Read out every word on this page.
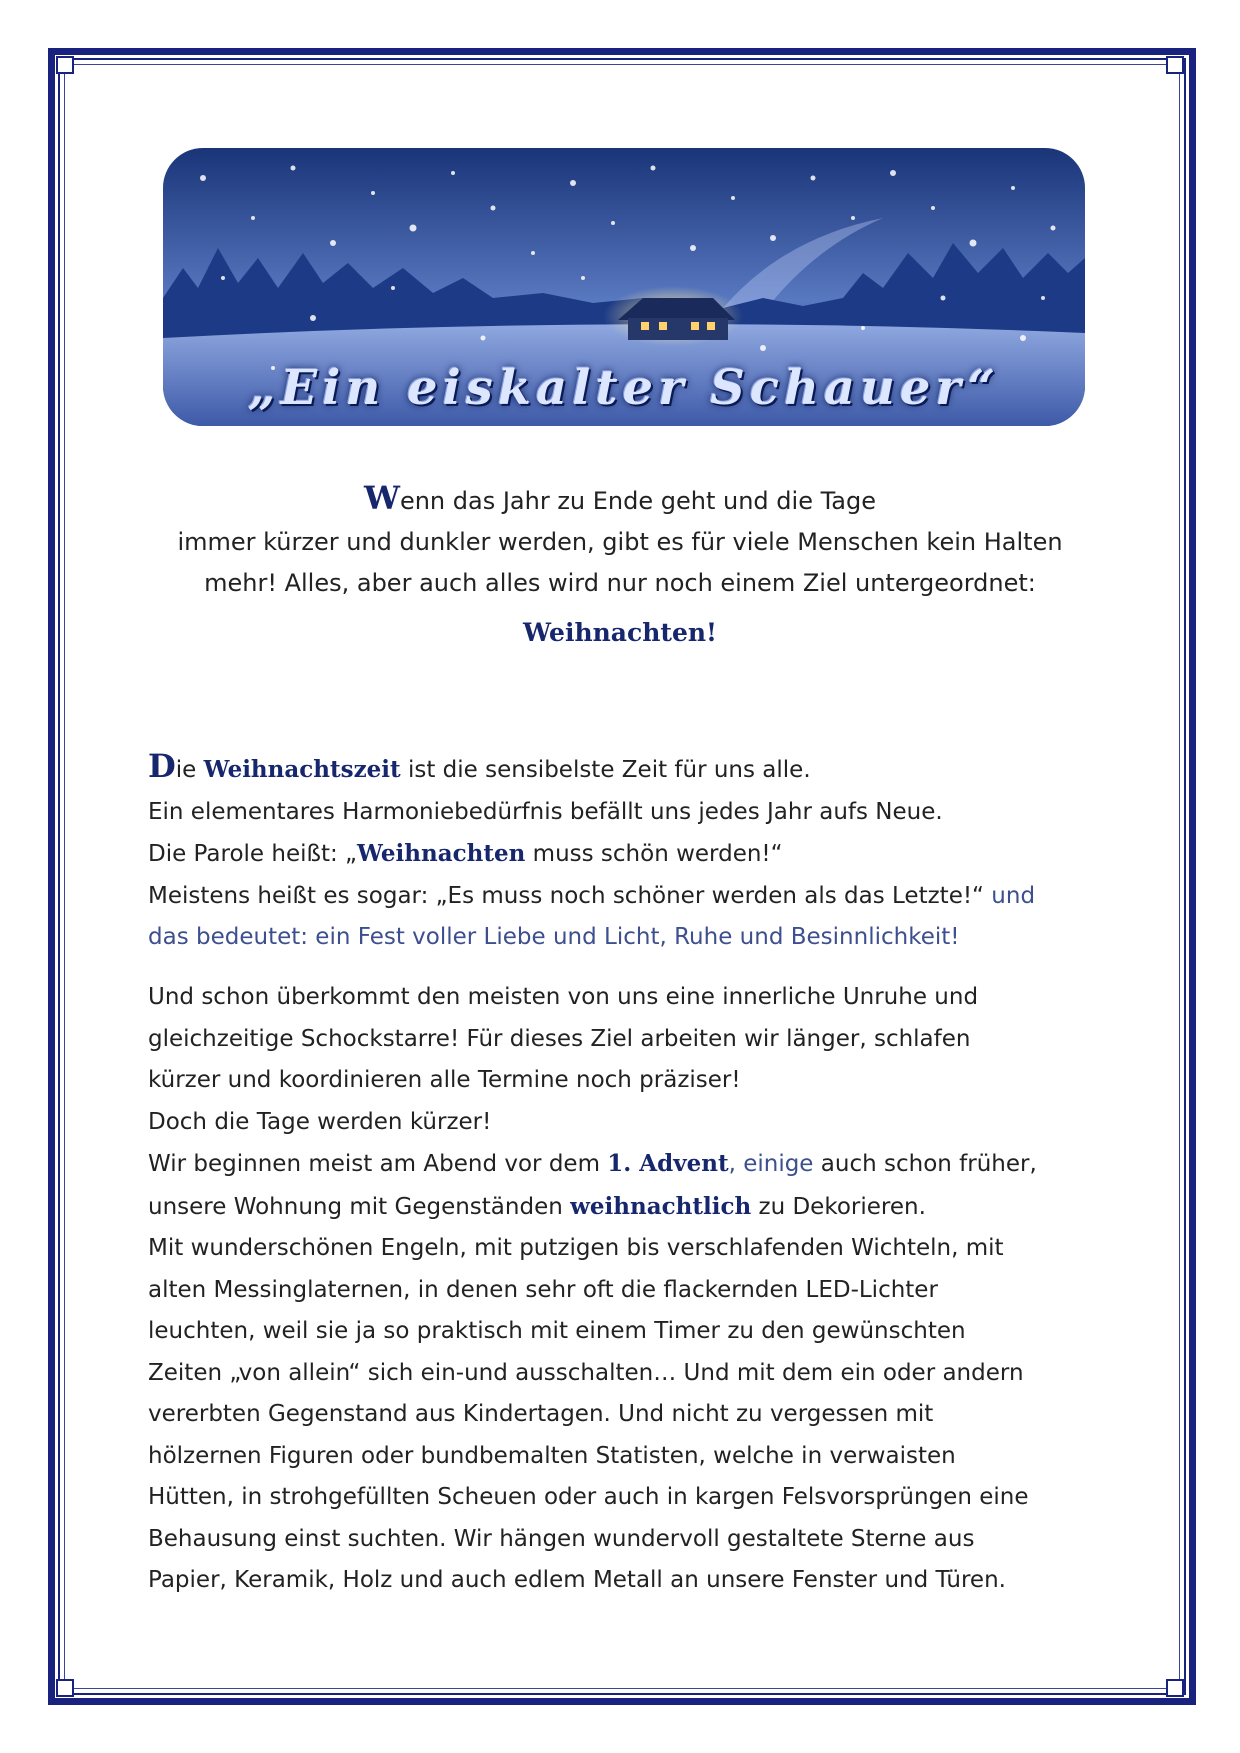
„Ein eiskalter Schauer“

Wenn das Jahr zu Ende geht und die Tage

immer kürzer und dunkler werden, gibt es für viele Menschen kein Halten

mehr! Alles, aber auch alles wird nur noch einem Ziel untergeordnet:

Weihnachten!

Die Weihnachtszeit ist die sensibelste Zeit für uns alle.

Ein elementares Harmoniebedürfnis befällt uns jedes Jahr aufs Neue.

Die Parole heißt: „Weihnachten muss schön werden!“

Meistens heißt es sogar: „Es muss noch schöner werden als das Letzte!“ und

das bedeutet: ein Fest voller Liebe und Licht, Ruhe und Besinnlichkeit!

Und schon überkommt den meisten von uns eine innerliche Unruhe und

gleichzeitige Schockstarre! Für dieses Ziel arbeiten wir länger, schlafen

kürzer und koordinieren alle Termine noch präziser!

Doch die Tage werden kürzer!

Wir beginnen meist am Abend vor dem 1. Advent, einige auch schon früher,

unsere Wohnung mit Gegenständen weihnachtlich zu Dekorieren.

Mit wunderschönen Engeln, mit putzigen bis verschlafenden Wichteln, mit

alten Messinglaternen, in denen sehr oft die flackernden LED-Lichter

leuchten, weil sie ja so praktisch mit einem Timer zu den gewünschten

Zeiten „von allein“ sich ein-und ausschalten… Und mit dem ein oder andern

vererbten Gegenstand aus Kindertagen. Und nicht zu vergessen mit

hölzernen Figuren oder bundbemalten Statisten, welche in verwaisten

Hütten, in strohgefüllten Scheuen oder auch in kargen Felsvorsprüngen eine

Behausung einst suchten. Wir hängen wundervoll gestaltete Sterne aus

Papier, Keramik, Holz und auch edlem Metall an unsere Fenster und Türen.
